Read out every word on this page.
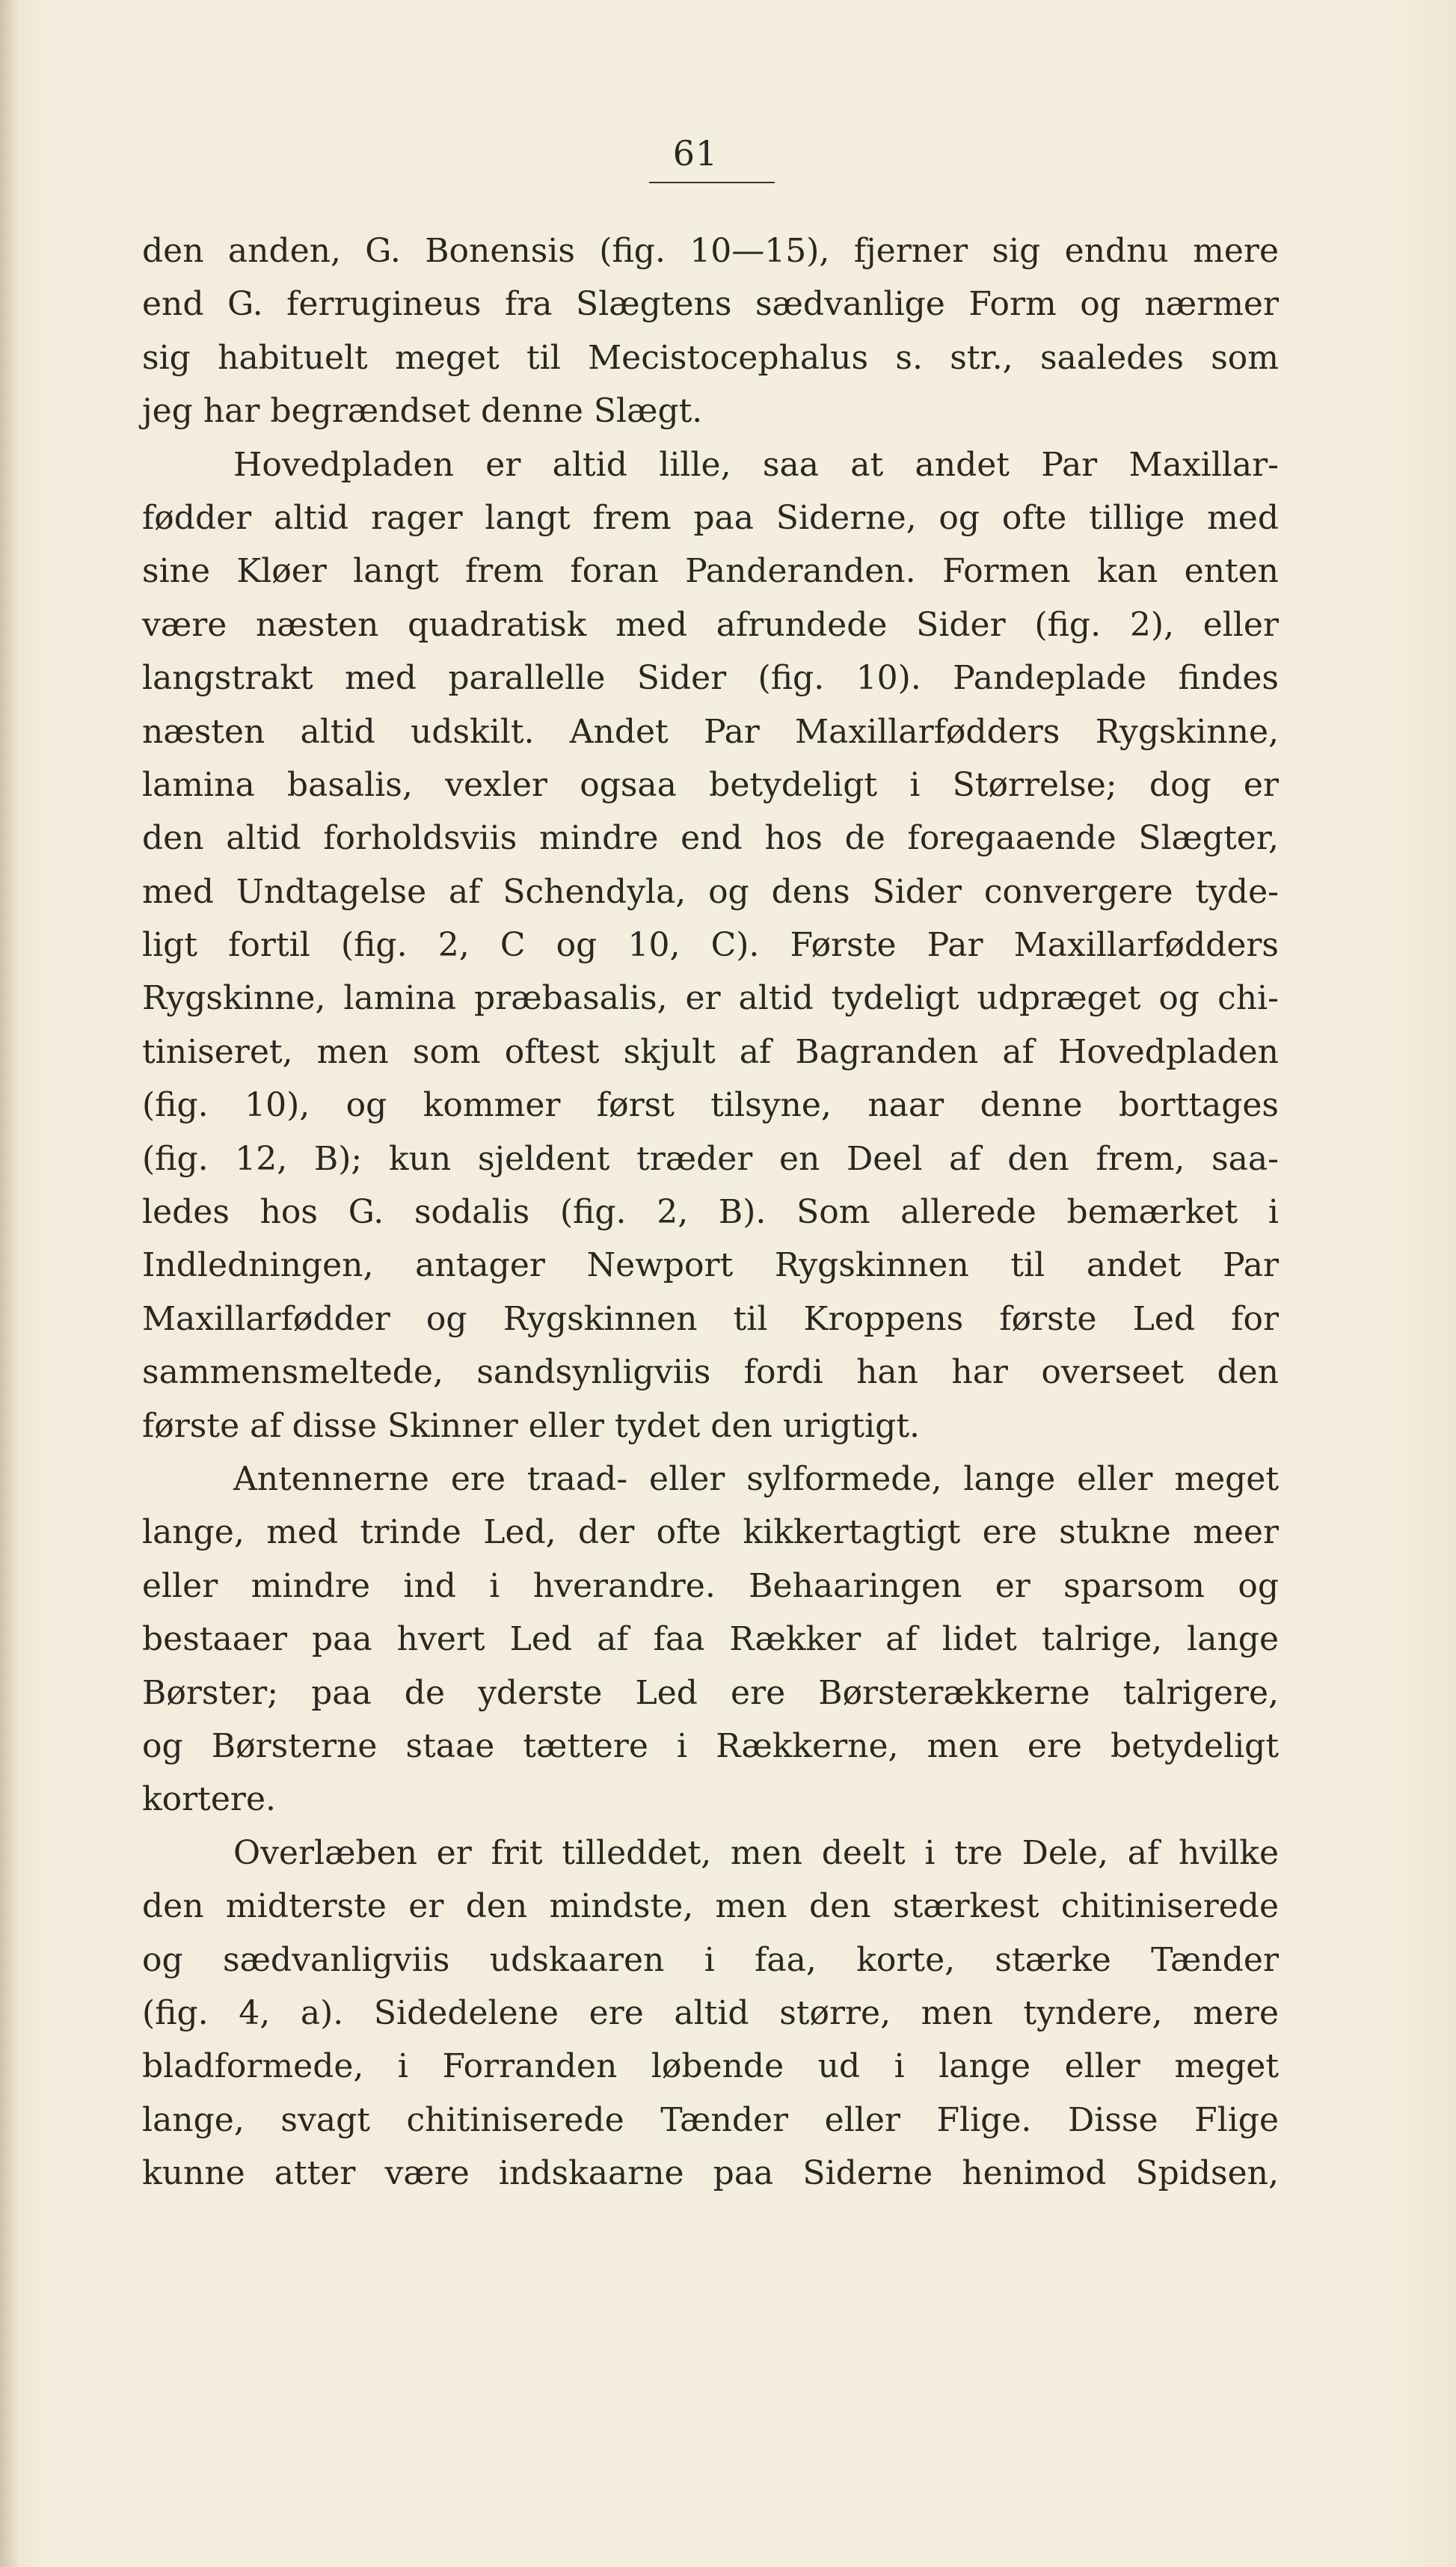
61
den anden, G. Bonensis (fig. 10—15), fjerner sig endnu mere
end G. ferrugineus fra Slægtens sædvanlige Form og nærmer
sig habituelt meget til Mecistocephalus s. str., saaledes som
jeg har begrændset denne Slægt.
Hovedpladen er altid lille, saa at andet Par Maxillar-
fødder altid rager langt frem paa Siderne, og ofte tillige med
sine Kløer langt frem foran Panderanden. Formen kan enten
være næsten quadratisk med afrundede Sider (fig. 2), eller
langstrakt med parallelle Sider (fig. 10). Pandeplade findes
næsten altid udskilt. Andet Par Maxillarfødders Rygskinne,
lamina basalis, vexler ogsaa betydeligt i Størrelse; dog er
den altid forholdsviis mindre end hos de foregaaende Slægter,
med Undtagelse af Schendyla, og dens Sider convergere tyde-
ligt fortil (fig. 2, C og 10, C). Første Par Maxillarfødders
Rygskinne, lamina præbasalis, er altid tydeligt udpræget og chi-
tiniseret, men som oftest skjult af Bagranden af Hovedpladen
(fig. 10), og kommer først tilsyne, naar denne borttages
(fig. 12, B); kun sjeldent træder en Deel af den frem, saa-
ledes hos G. sodalis (fig. 2, B). Som allerede bemærket i
Indledningen, antager Newport Rygskinnen til andet Par
Maxillarfødder og Rygskinnen til Kroppens første Led for
sammensmeltede, sandsynligviis fordi han har overseet den
første af disse Skinner eller tydet den urigtigt.
Antennerne ere traad- eller sylformede, lange eller meget
lange, med trinde Led, der ofte kikkertagtigt ere stukne meer
eller mindre ind i hverandre. Behaaringen er sparsom og
bestaaer paa hvert Led af faa Rækker af lidet talrige, lange
Børster; paa de yderste Led ere Børsterækkerne talrigere,
og Børsterne staae tættere i Rækkerne, men ere betydeligt
kortere.
Overlæben er frit tilleddet, men deelt i tre Dele, af hvilke
den midterste er den mindste, men den stærkest chitiniserede
og sædvanligviis udskaaren i faa, korte, stærke Tænder
(fig. 4, a). Sidedelene ere altid større, men tyndere, mere
bladformede, i Forranden løbende ud i lange eller meget
lange, svagt chitiniserede Tænder eller Flige. Disse Flige
kunne atter være indskaarne paa Siderne henimod Spidsen,
